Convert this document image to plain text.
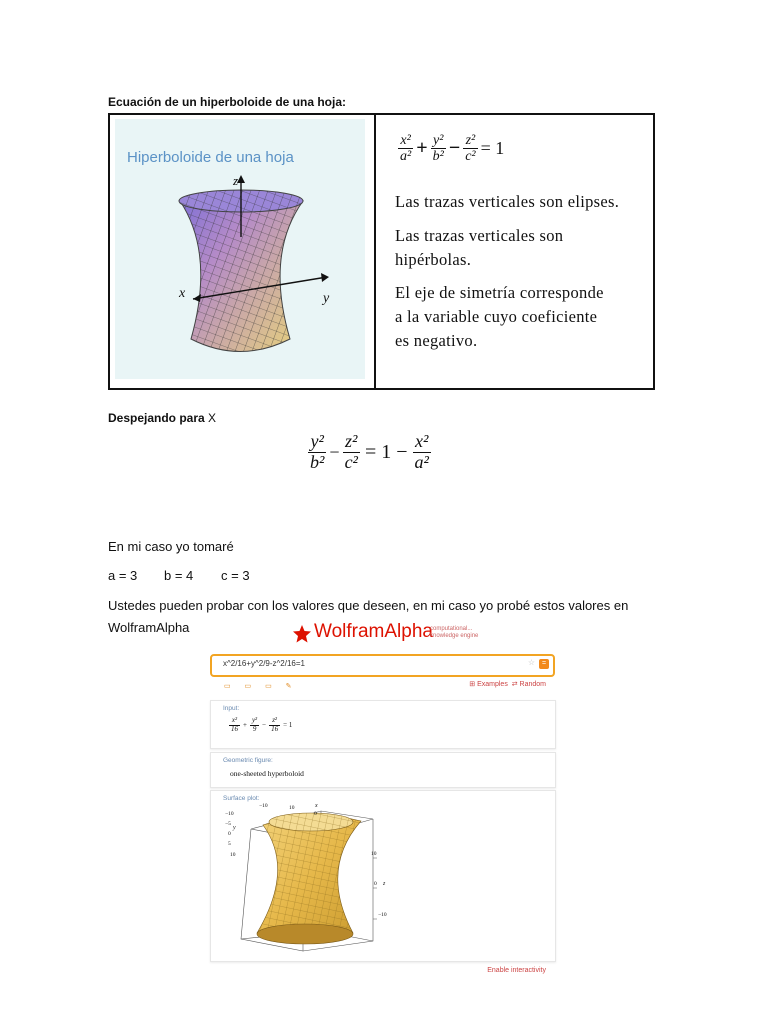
Ecuación de un hiperboloide de una hoja:
Hiperboloide de una hoja
z
x	y
$\frac{\text{x²}}{\text{a²}} + \frac{\text{y²}}{\text{b²}} - \frac{\text{z²}}{\text{c²}} = 1$
Las trazas verticales son elipses.
Las trazas verticales son
hipérbolas.
El eje de simetría corresponde
a la variable cuyo coeficiente
es negativo.
Despejando para X
$\frac{\text{y²}}{\text{b²}} - \frac{\text{z²}}{\text{c²}} = 1 - \frac{\text{x²}}{\text{a²}}$
En mi caso yo tomaré
a = 3 b = 4 c = 3
Ustedes pueden probar con los valores que deseen, en mi caso yo probé estos valores en
WolframAlpha	WolframAlpha
computational...
knowledge engine
x^2/16+y^2/9-z^2/16=1	☆ =
▭ ▭ ▭ ✎	⊞ Examples ⇄ Random
Input:
$\frac{\text{x²}}{16} + \frac{\text{y²}}{9} - \frac{\text{z²}}{16} = 1$
Geometric figure:
one-sheeted hyperboloid
Surface plot:
−10	10
0
x
−10
−5
0
5
10
y
10
0 z
−10
Enable interactivity
